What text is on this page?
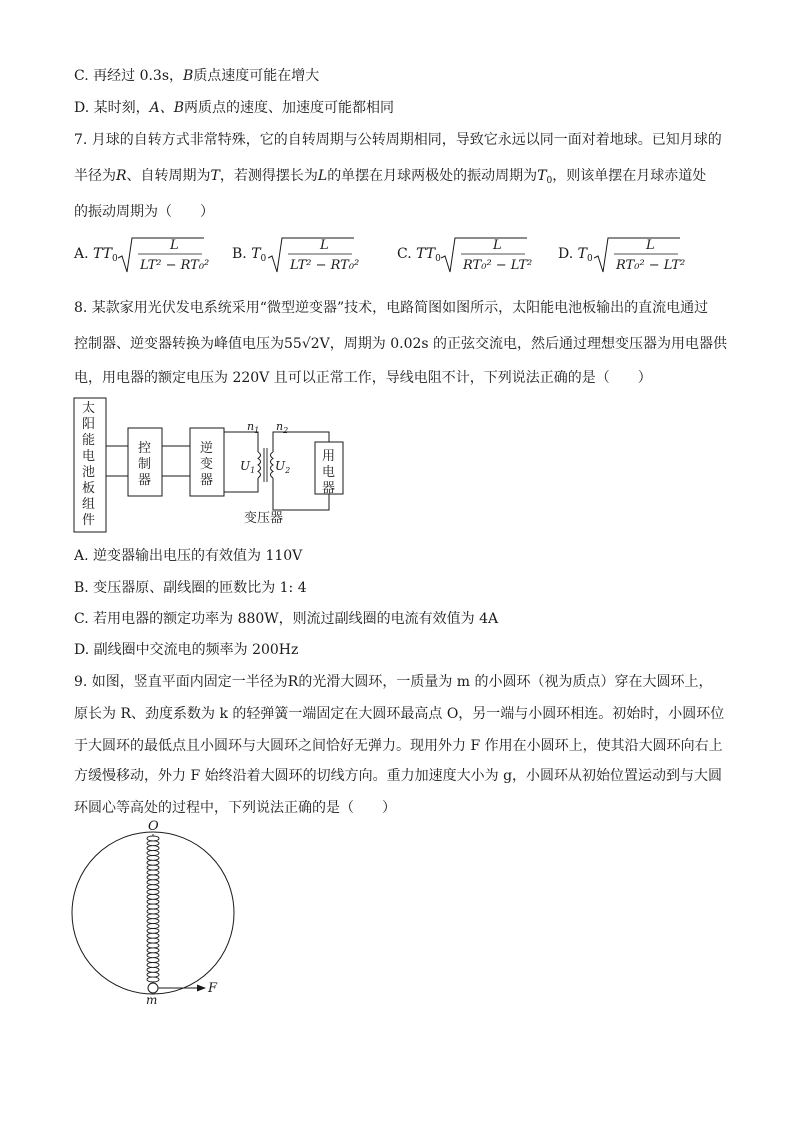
C. 再经过 0.3s，B质点速度可能在增大
D. 某时刻，A、B两质点的速度、加速度可能都相同
7. 月球的自转方式非常特殊，它的自转周期与公转周期相同，导致它永远以同一面对着地球。已知月球的
半径为R、自转周期为T，若测得摆长为L的单摆在月球两极处的振动周期为$T_0$，则该单摆在月球赤道处
的振动周期为（　　）
A. $TT_0$
L
LT² − RT₀²
B. $T_0$
L
LT² − RT₀²
C. $TT_0$
L
RT₀² − LT²
D. $T_0$
L
RT₀² − LT²
8. 某款家用光伏发电系统采用“微型逆变器”技术，电路简图如图所示，太阳能电池板输出的直流电通过
控制器、逆变器转换为峰值电压为55√2V，周期为 0.02s 的正弦交流电，然后通过理想变压器为用电器供
电，用电器的额定电压为 220V 且可以正常工作，导线电阻不计，下列说法正确的是（　　）
太阳能电池板组件
控制器
逆变器
用电器
变压器
$n_1$ $n_2$
$U_1$ $U_2$
A. 逆变器输出电压的有效值为 110V
B. 变压器原、副线圈的匝数比为 1: 4
C. 若用电器的额定功率为 880W，则流过副线圈的电流有效值为 4A
D. 副线圈中交流电的频率为 200Hz
9. 如图，竖直平面内固定一半径为R的光滑大圆环，一质量为 m 的小圆环（视为质点）穿在大圆环上，
原长为 R、劲度系数为 k 的轻弹簧一端固定在大圆环最高点 O，另一端与小圆环相连。初始时，小圆环位
于大圆环的最低点且小圆环与大圆环之间恰好无弹力。现用外力 F 作用在小圆环上，使其沿大圆环向右上
方缓慢移动，外力 F 始终沿着大圆环的切线方向。重力加速度大小为 g，小圆环从初始位置运动到与大圆
环圆心等高处的过程中，下列说法正确的是（　　）
O
m
F
